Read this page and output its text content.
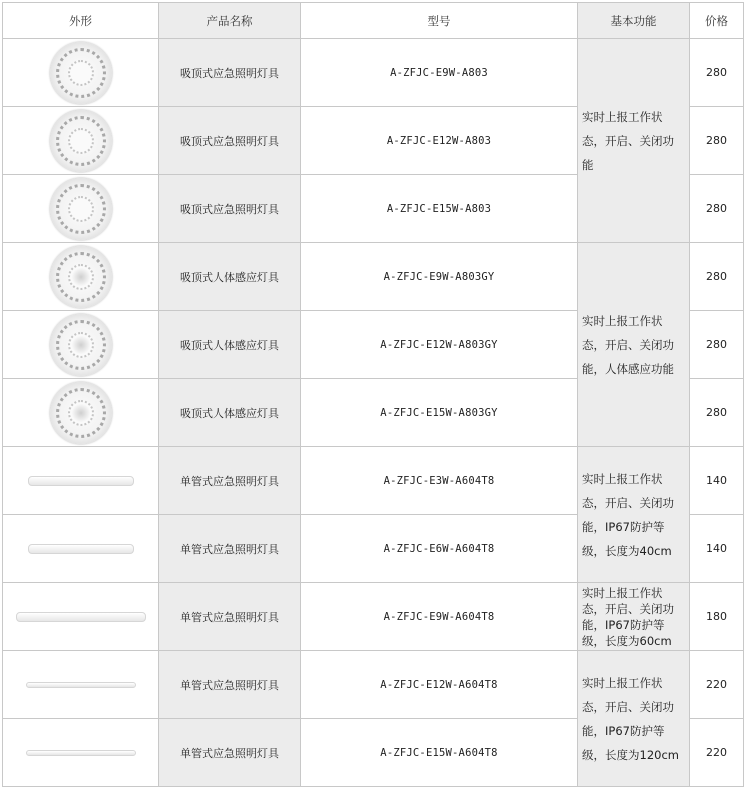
外形	产品名称	型号	基本功能	价格
	吸顶式应急照明灯具	A-ZFJC-E9W-A803	实时上报工作状态，开启、关闭功能	280
	吸顶式应急照明灯具	A-ZFJC-E12W-A803		280
	吸顶式应急照明灯具	A-ZFJC-E15W-A803		280
	吸顶式人体感应灯具	A-ZFJC-E9W-A803GY	实时上报工作状态，开启、关闭功能，人体感应功能	280
	吸顶式人体感应灯具	A-ZFJC-E12W-A803GY		280
	吸顶式人体感应灯具	A-ZFJC-E15W-A803GY		280
	单管式应急照明灯具	A-ZFJC-E3W-A604T8	实时上报工作状态，开启、关闭功能，IP67防护等级，长度为40cm	140
	单管式应急照明灯具	A-ZFJC-E6W-A604T8		140
	单管式应急照明灯具	A-ZFJC-E9W-A604T8	实时上报工作状态，开启、关闭功能，IP67防护等级，长度为60cm	180
	单管式应急照明灯具	A-ZFJC-E12W-A604T8	实时上报工作状态，开启、关闭功能，IP67防护等级，长度为120cm	220
	单管式应急照明灯具	A-ZFJC-E15W-A604T8		220
